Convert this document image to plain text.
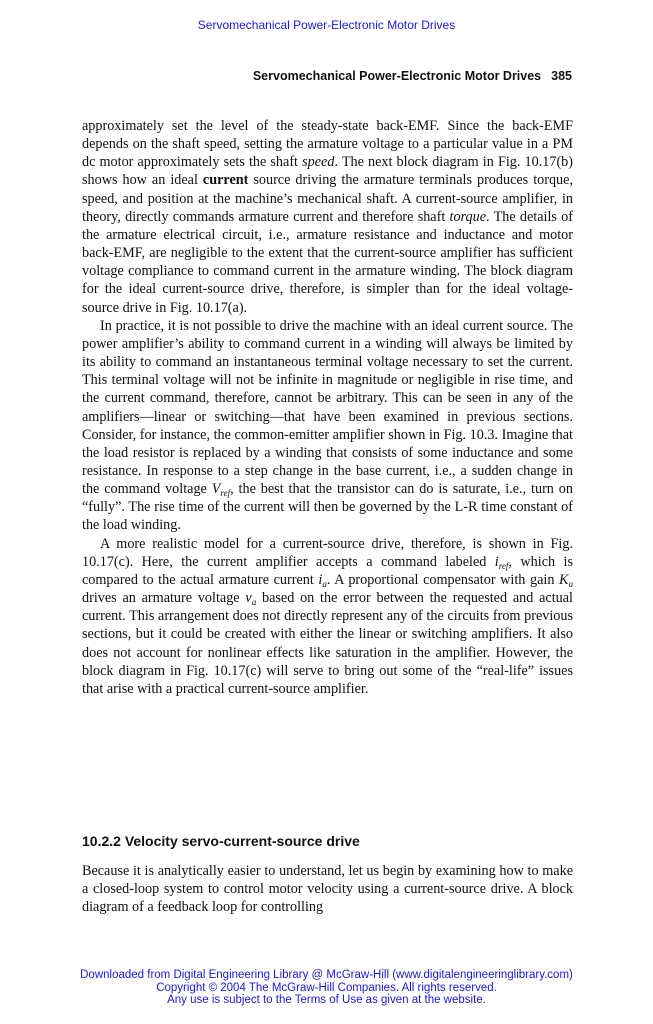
Servomechanical Power-Electronic Motor Drives
Servomechanical Power-Electronic Motor Drives 385

approximately set the level of the steady-state back-EMF. Since the back-EMF depends on the shaft speed, setting the armature voltage to a particular value in a PM dc motor approximately sets the shaft speed. The next block diagram in Fig. 10.17(b) shows how an ideal current source driving the armature terminals produces torque, speed, and position at the machine’s mechanical shaft. A current-source amplifier, in theory, directly commands armature current and therefore shaft torque. The details of the armature electrical circuit, i.e., armature resistance and inductance and motor back-EMF, are negligible to the extent that the current-source amplifier has sufficient voltage compliance to command current in the armature winding. The block diagram for the ideal current-source drive, therefore, is simpler than for the ideal voltage-source drive in Fig. 10.17(a).

In practice, it is not possible to drive the machine with an ideal current source. The power amplifier’s ability to command current in a winding will always be limited by its ability to command an instantaneous terminal voltage necessary to set the current. This terminal voltage will not be infinite in magnitude or negligible in rise time, and the current command, therefore, cannot be arbitrary. This can be seen in any of the amplifiers—linear or switching—that have been examined in previous sections. Consider, for instance, the common-emitter amplifier shown in Fig. 10.3. Imagine that the load resistor is replaced by a winding that consists of some inductance and some resistance. In response to a step change in the base current, i.e., a sudden change in the command voltage $V_{ref}$, the best that the transistor can do is saturate, i.e., turn on “fully”. The rise time of the current will then be governed by the L-R time constant of the load winding.

A more realistic model for a current-source drive, therefore, is shown in Fig. 10.17(c). Here, the current amplifier accepts a command labeled $i_{ref}$, which is compared to the actual armature current $i_a$. A proportional compensator with gain $K_a$ drives an armature voltage $v_a$ based on the error between the requested and actual current. This arrangement does not directly represent any of the circuits from previous sections, but it could be created with either the linear or switching amplifiers. It also does not account for nonlinear effects like saturation in the amplifier. However, the block diagram in Fig. 10.17(c) will serve to bring out some of the “real-life” issues that arise with a practical current-source amplifier.

10.2.2 Velocity servo-current-source drive

Because it is analytically easier to understand, let us begin by examining how to make a closed-loop system to control motor velocity using a current-source drive. A block diagram of a feedback loop for controlling

Downloaded from Digital Engineering Library @ McGraw-Hill (www.digitalengineeringlibrary.com)
Copyright © 2004 The McGraw-Hill Companies. All rights reserved.
Any use is subject to the Terms of Use as given at the website.
